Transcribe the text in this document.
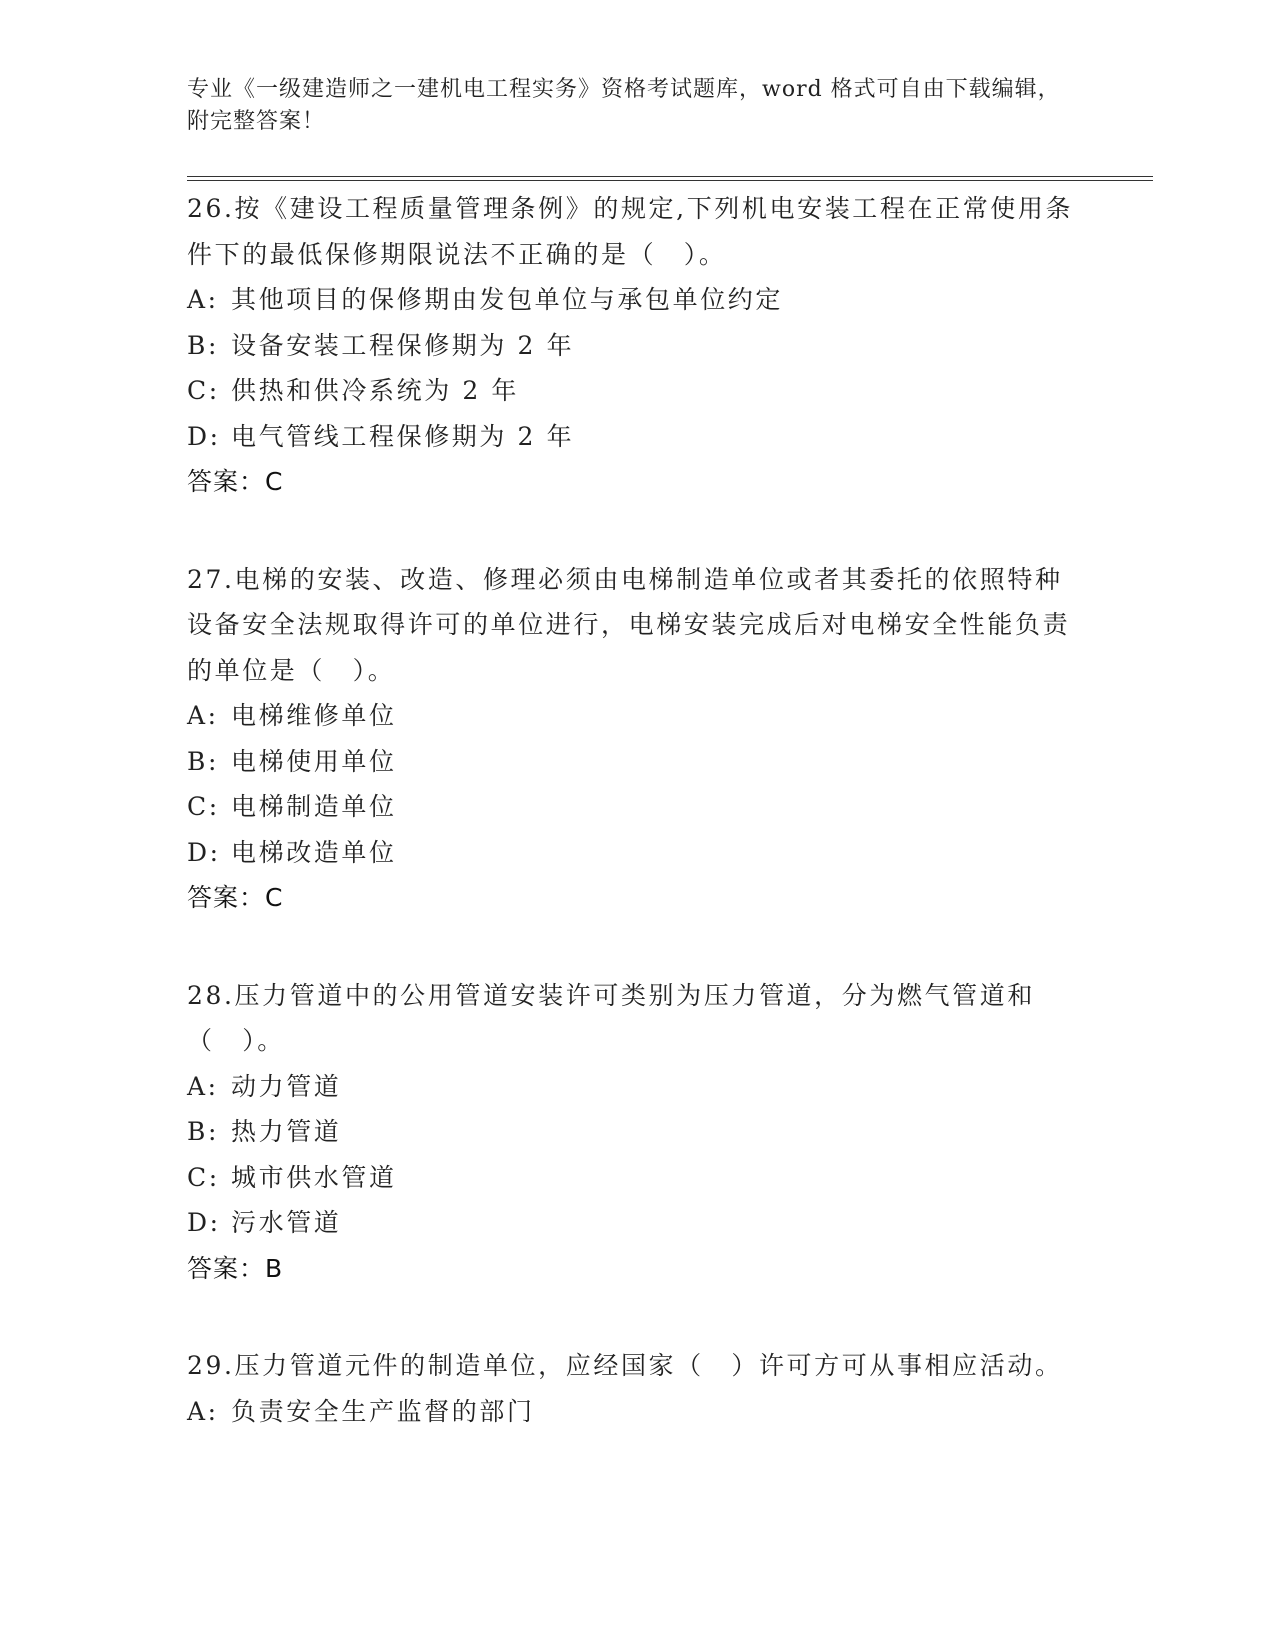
专业《一级建造师之一建机电工程实务》资格考试题库，word 格式可自由下载编辑，附完整答案！
26.按《建设工程质量管理条例》的规定,下列机电安装工程在正常使用条件下的最低保修期限说法不正确的是（　）。
A: 其他项目的保修期由发包单位与承包单位约定
B: 设备安装工程保修期为 2 年
C: 供热和供冷系统为 2 年
D: 电气管线工程保修期为 2 年
答案：C
27.电梯的安装、改造、修理必须由电梯制造单位或者其委托的依照特种设备安全法规取得许可的单位进行，电梯安装完成后对电梯安全性能负责的单位是（　）。
A: 电梯维修单位
B: 电梯使用单位
C: 电梯制造单位
D: 电梯改造单位
答案：C
28.压力管道中的公用管道安装许可类别为压力管道，分为燃气管道和（　）。
A: 动力管道
B: 热力管道
C: 城市供水管道
D: 污水管道
答案：B
29.压力管道元件的制造单位，应经国家（　）许可方可从事相应活动。
A: 负责安全生产监督的部门
